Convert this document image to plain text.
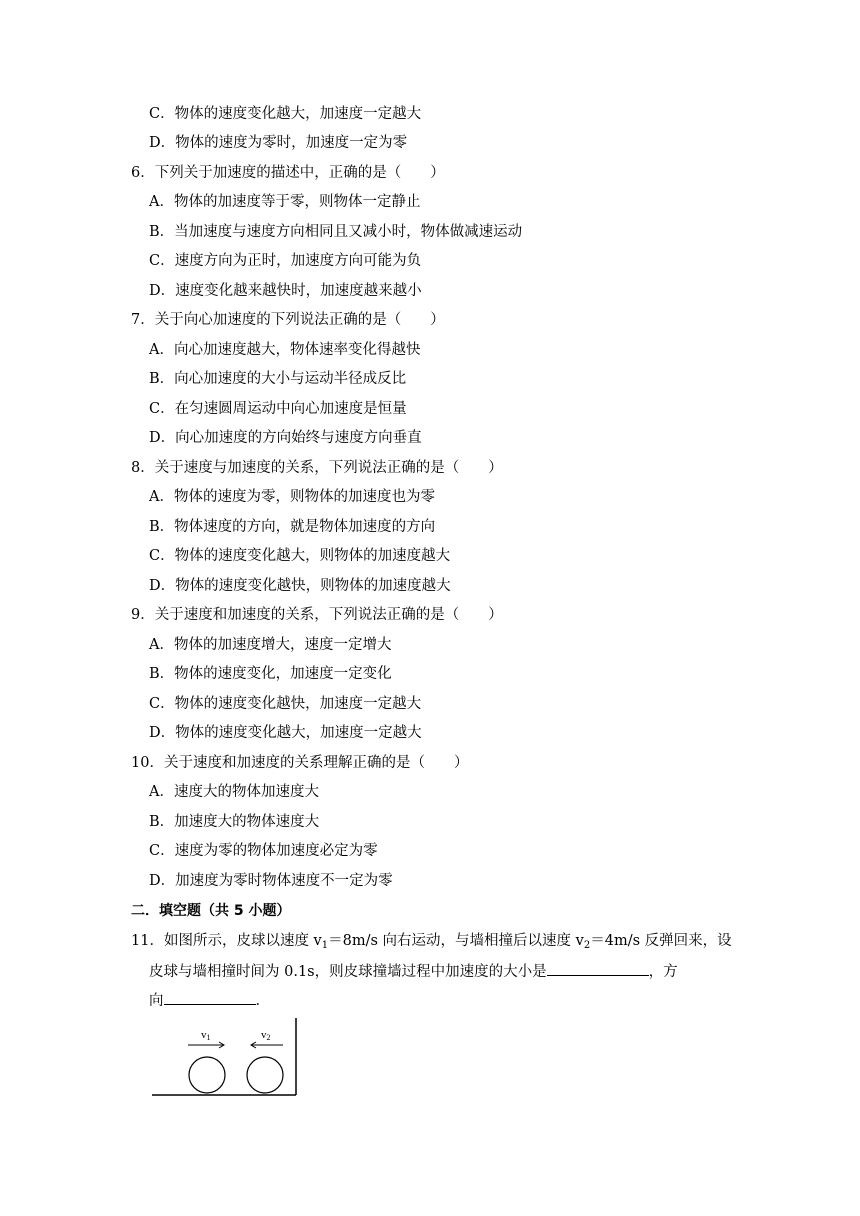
C．物体的速度变化越大，加速度一定越大
D．物体的速度为零时，加速度一定为零
6．下列关于加速度的描述中，正确的是（　　）
A．物体的加速度等于零，则物体一定静止
B．当加速度与速度方向相同且又减小时，物体做减速运动
C．速度方向为正时，加速度方向可能为负
D．速度变化越来越快时，加速度越来越小
7．关于向心加速度的下列说法正确的是（　　）
A．向心加速度越大，物体速率变化得越快
B．向心加速度的大小与运动半径成反比
C．在匀速圆周运动中向心加速度是恒量
D．向心加速度的方向始终与速度方向垂直
8．关于速度与加速度的关系，下列说法正确的是（　　）
A．物体的速度为零，则物体的加速度也为零
B．物体速度的方向，就是物体加速度的方向
C．物体的速度变化越大，则物体的加速度越大
D．物体的速度变化越快，则物体的加速度越大
9．关于速度和加速度的关系，下列说法正确的是（　　）
A．物体的加速度增大，速度一定增大
B．物体的速度变化，加速度一定变化
C．物体的速度变化越快，加速度一定越大
D．物体的速度变化越大，加速度一定越大
10．关于速度和加速度的关系理解正确的是（　　）
A．速度大的物体加速度大
B．加速度大的物体速度大
C．速度为零的物体加速度必定为零
D．加速度为零时物体速度不一定为零
二．填空题（共 5 小题）
11．如图所示，皮球以速度 $v_1=8m/s$ 向右运动，与墙相撞后以速度 $v_2=4m/s$ 反弹回来，设
皮球与墙相撞时间为 0.1s，则皮球撞墙过程中加速度的大小是	，方
向	．
v1	v2
